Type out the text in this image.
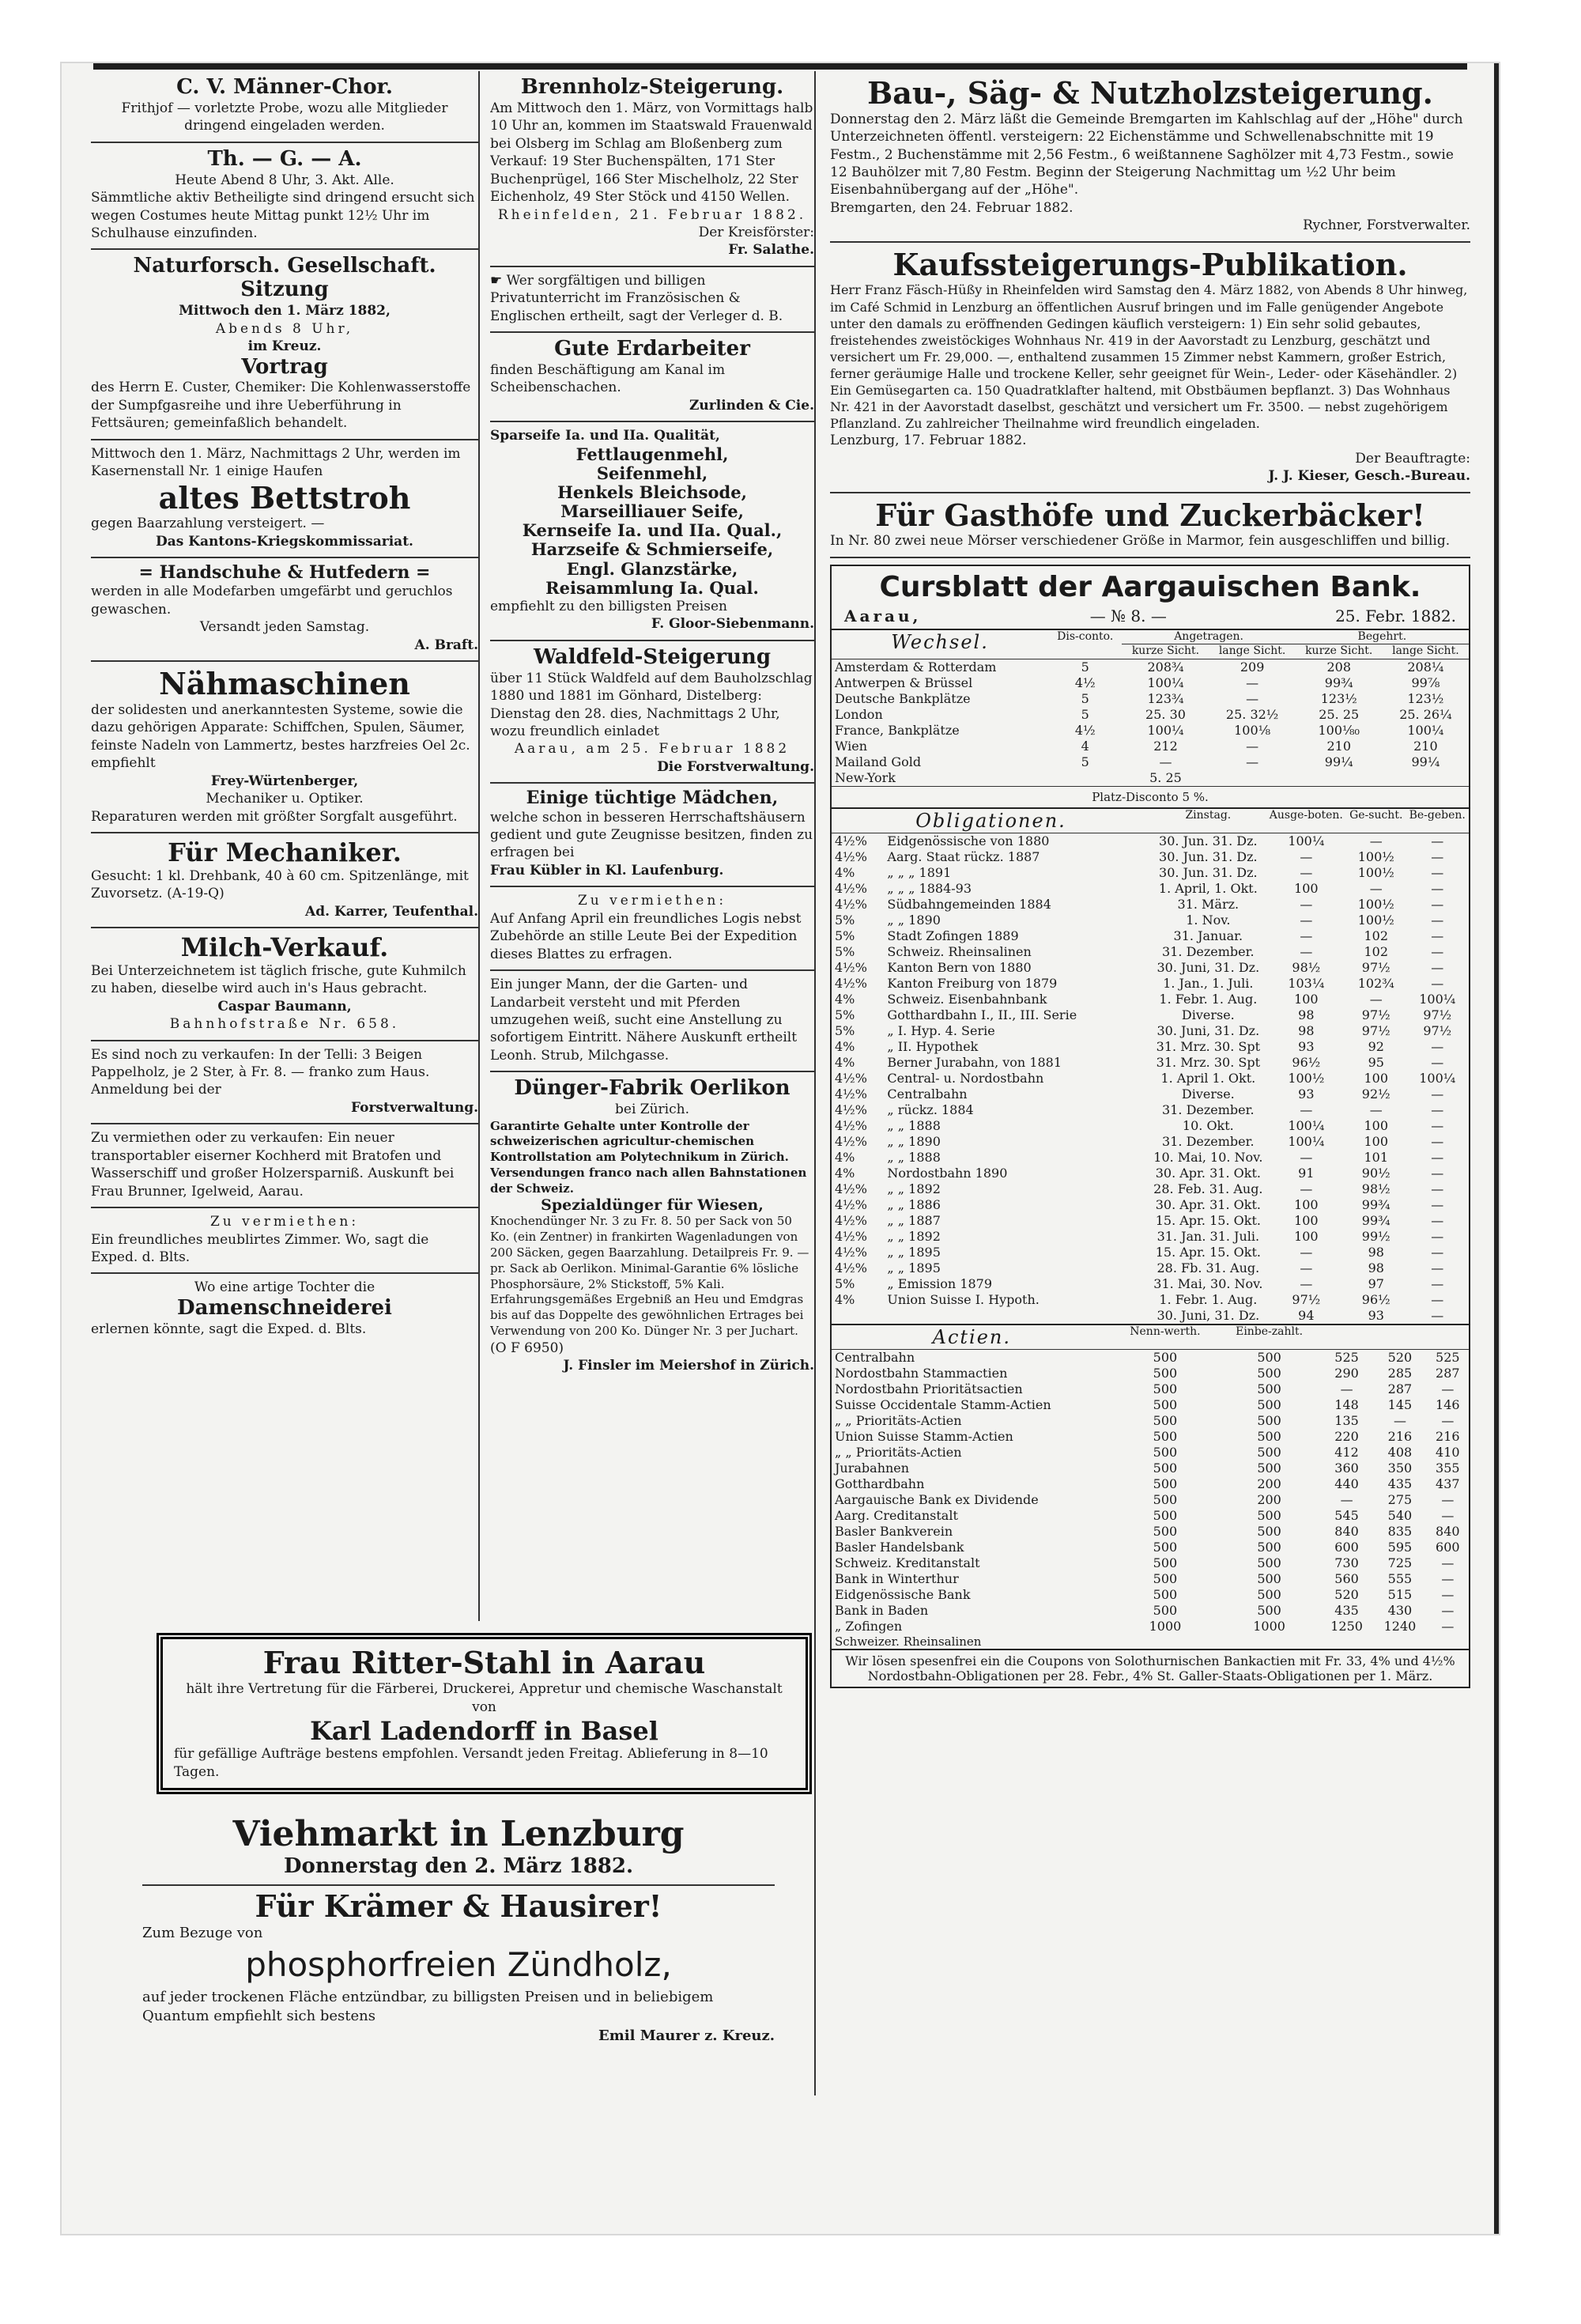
C. V. Männer-Chor.
Frithjof — vorletzte Probe, wozu alle Mitglieder dringend eingeladen werden.
Th. — G. — A.
Heute Abend 8 Uhr, 3. Akt. Alle.
Sämmtliche aktiv Betheiligte sind dringend ersucht sich wegen Costumes heute Mittag punkt 12½ Uhr im Schulhause einzufinden.
Naturforsch. Gesellschaft.
Sitzung
Mittwoch den 1. März 1882,
Abends 8 Uhr,
im Kreuz.
Vortrag
des Herrn E. Custer, Chemiker: Die Kohlenwasserstoffe der Sumpfgasreihe und ihre Ueberführung in Fettsäuren; gemeinfaßlich behandelt.
Mittwoch den 1. März, Nachmittags 2 Uhr, werden im Kasernenstall Nr. 1 einige Haufen
altes Bettstroh
gegen Baarzahlung versteigert. —
Das Kantons-Kriegskommissariat.
= Handschuhe & Hutfedern =
werden in alle Modefarben umgefärbt und geruchlos gewaschen.
Versandt jeden Samstag.
A. Braft.
Nähmaschinen
der solidesten und anerkanntesten Systeme, sowie die dazu gehörigen Apparate: Schiffchen, Spulen, Säumer, feinste Nadeln von Lammertz, bestes harzfreies Oel 2c. empfiehlt
Frey-Würtenberger,
Mechaniker u. Optiker.
Reparaturen werden mit größter Sorgfalt ausgeführt.
Für Mechaniker.
Gesucht: 1 kl. Drehbank, 40 à 60 cm. Spitzenlänge, mit Zuvorsetz. (A-19-Q)
Ad. Karrer, Teufenthal.
Milch-Verkauf.
Bei Unterzeichnetem ist täglich frische, gute Kuhmilch zu haben, dieselbe wird auch in's Haus gebracht.
Caspar Baumann,
Bahnhofstraße Nr. 658.
Es sind noch zu verkaufen: In der Telli: 3 Beigen Pappelholz, je 2 Ster, à Fr. 8. — franko zum Haus. Anmeldung bei der
Forstverwaltung.
Zu vermiethen oder zu verkaufen: Ein neuer transportabler eiserner Kochherd mit Bratofen und Wasserschiff und großer Holzersparniß. Auskunft bei Frau Brunner, Igelweid, Aarau.
Zu vermiethen:
Ein freundliches meublirtes Zimmer. Wo, sagt die Exped. d. Blts.
Wo eine artige Tochter die
Damenschneiderei
erlernen könnte, sagt die Exped. d. Blts.
Brennholz-Steigerung.
Am Mittwoch den 1. März, von Vormittags halb 10 Uhr an, kommen im Staatswald Frauenwald bei Olsberg im Schlag am Bloßenberg zum Verkauf: 19 Ster Buchenspälten, 171 Ster Buchenprügel, 166 Ster Mischelholz, 22 Ster Eichenholz, 49 Ster Stöck und 4150 Wellen.
Rheinfelden, 21. Februar 1882.
Der Kreisförster:
Fr. Salathe.
☛ Wer sorgfältigen und billigen Privatunterricht im Französischen & Englischen ertheilt, sagt der Verleger d. B.
Gute Erdarbeiter
finden Beschäftigung am Kanal im Scheibenschachen.
Zurlinden & Cie.
Sparseife Ia. und IIa. Qualität,
Fettlaugenmehl,
Seifenmehl,
Henkels Bleichsode,
Marseilliauer Seife,
Kernseife Ia. und IIa. Qual.,
Harzseife & Schmierseife,
Engl. Glanzstärke,
Reisammlung Ia. Qual.
empfiehlt zu den billigsten Preisen
F. Gloor-Siebenmann.
Waldfeld-Steigerung
über 11 Stück Waldfeld auf dem Bauholzschlag 1880 und 1881 im Gönhard, Distelberg: Dienstag den 28. dies, Nachmittags 2 Uhr, wozu freundlich einladet
Aarau, am 25. Februar 1882
Die Forstverwaltung.
Einige tüchtige Mädchen,
welche schon in besseren Herrschaftshäusern gedient und gute Zeugnisse besitzen, finden zu erfragen bei
Frau Kübler in Kl. Laufenburg.
Zu vermiethen:
Auf Anfang April ein freundliches Logis nebst Zubehörde an stille Leute Bei der Expedition dieses Blattes zu erfragen.
Ein junger Mann, der die Garten- und Landarbeit versteht und mit Pferden umzugehen weiß, sucht eine Anstellung zu sofortigem Eintritt. Nähere Auskunft ertheilt Leonh. Strub, Milchgasse.
Dünger-Fabrik Oerlikon
bei Zürich.
Garantirte Gehalte unter Kontrolle der schweizerischen agricultur-chemischen Kontrollstation am Polytechnikum in Zürich. Versendungen franco nach allen Bahnstationen der Schweiz.
Spezialdünger für Wiesen,
Knochendünger Nr. 3 zu Fr. 8. 50 per Sack von 50 Ko. (ein Zentner) in frankirten Wagenladungen von 200 Säcken, gegen Baarzahlung. Detailpreis Fr. 9. — pr. Sack ab Oerlikon. Minimal-Garantie 6% lösliche Phosphorsäure, 2% Stickstoff, 5% Kali. Erfahrungsgemäßes Ergebniß an Heu und Emdgras bis auf das Doppelte des gewöhnlichen Ertrages bei Verwendung von 200 Ko. Dünger Nr. 3 per Juchart.
(O F 6950)
J. Finsler im Meiershof in Zürich.
Frau Ritter-Stahl in Aarau
hält ihre Vertretung für die Färberei, Druckerei, Appretur und chemische Waschanstalt von
Karl Ladendorff in Basel
für gefällige Aufträge bestens empfohlen. Versandt jeden Freitag. Ablieferung in 8—10 Tagen.
Viehmarkt in Lenzburg
Donnerstag den 2. März 1882.
Für Krämer & Hausirer!
Zum Bezuge von
phosphorfreien Zündholz,
auf jeder trockenen Fläche entzündbar, zu billigsten Preisen und in beliebigem Quantum empfiehlt sich bestens
Emil Maurer z. Kreuz.
Bau-, Säg- & Nutzholzsteigerung.
Donnerstag den 2. März läßt die Gemeinde Bremgarten im Kahlschlag auf der „Höhe" durch Unterzeichneten öffentl. versteigern: 22 Eichenstämme und Schwellenabschnitte mit 19 Festm., 2 Buchenstämme mit 2,56 Festm., 6 weißtannene Saghölzer mit 4,73 Festm., sowie 12 Bauhölzer mit 7,80 Festm. Beginn der Steigerung Nachmittag um ½2 Uhr beim Eisenbahnübergang auf der „Höhe".
Bremgarten, den 24. Februar 1882.
Rychner, Forstverwalter.
Kaufssteigerungs-Publikation.
Herr Franz Fäsch-Hüßy in Rheinfelden wird Samstag den 4. März 1882, von Abends 8 Uhr hinweg, im Café Schmid in Lenzburg an öffentlichen Ausruf bringen und im Falle genügender Angebote unter den damals zu eröffnenden Gedingen käuflich versteigern: 1) Ein sehr solid gebautes, freistehendes zweistöckiges Wohnhaus Nr. 419 in der Aavorstadt zu Lenzburg, geschätzt und versichert um Fr. 29,000. —, enthaltend zusammen 15 Zimmer nebst Kammern, großer Estrich, ferner geräumige Halle und trockene Keller, sehr geeignet für Wein-, Leder- oder Käsehändler. 2) Ein Gemüsegarten ca. 150 Quadratklafter haltend, mit Obstbäumen bepflanzt. 3) Das Wohnhaus Nr. 421 in der Aavorstadt daselbst, geschätzt und versichert um Fr. 3500. — nebst zugehörigem Pflanzland. Zu zahlreicher Theilnahme wird freundlich eingeladen.
Lenzburg, 17. Februar 1882.
Der Beauftragte:
J. J. Kieser, Gesch.-Bureau.
Für Gasthöfe und Zuckerbäcker!
In Nr. 80 zwei neue Mörser verschiedener Größe in Marmor, fein ausgeschliffen und billig.
Cursblatt der Aargauischen Bank.
Aarau,	— № 8. —	25. Febr. 1882.
Wechsel.	Dis-conto.	Angetragen.		Begehrt.	
		kurze Sicht.	lange Sicht.	kurze Sicht.	lange Sicht.
Amsterdam & Rotterdam	5	208¾	209	208	208¼
Antwerpen & Brüssel	4½	100¼	—	99¾	99⅞
Deutsche Bankplätze	5	123¾	—	123½	123½
London	5	25. 30	25. 32½	25. 25	25. 26¼
France, Bankplätze	4½	100¼	100⅛	100⅛₀	100¼
Wien	4	212	—	210	210
Mailand Gold	5	—	—	99¼	99¼
New-York		5. 25			
Platz-Disconto 5 %.
Obligationen.		Zinstag.	Ausge-boten.	Ge-sucht.	Be-geben.
4½%	Eidgenössische von 1880	30. Jun. 31. Dz.	100¼	—	—
4½%	Aarg. Staat rückz. 1887	30. Jun. 31. Dz.	—	100½	—
4%	„ „ „ 1891	30. Jun. 31. Dz.	—	100½	—
4½%	„ „ „ 1884-93	1. April, 1. Okt.	100	—	—
4½%	Südbahngemeinden 1884	31. März.	—	100½	—
5%	„ „ 1890	1. Nov.	—	100½	—
5%	Stadt Zofingen 1889	31. Januar.	—	102	—
5%	Schweiz. Rheinsalinen	31. Dezember.	—	102	—
4½%	Kanton Bern von 1880	30. Juni, 31. Dz.	98½	97½	—
4½%	Kanton Freiburg von 1879	1. Jan., 1. Juli.	103¼	102¾	—
4%	Schweiz. Eisenbahnbank	1. Febr. 1. Aug.	100	—	100¼
5%	Gotthardbahn I., II., III. Serie	Diverse.	98	97½	97½
5%	„ I. Hyp. 4. Serie	30. Juni, 31. Dz.	98	97½	97½
4%	„ II. Hypothek	31. Mrz. 30. Spt	93	92	—
4%	Berner Jurabahn, von 1881	31. Mrz. 30. Spt	96½	95	—
4½%	Central- u. Nordostbahn	1. April 1. Okt.	100½	100	100¼
4½%	Centralbahn	Diverse.	93	92½	—
4½%	„ rückz. 1884	31. Dezember.	—	—	—
4½%	„ „ 1888	10. Okt.	100¼	100	—
4½%	„ „ 1890	31. Dezember.	100¼	100	—
4%	„ „ 1888	10. Mai, 10. Nov.	—	101	—
4%	Nordostbahn 1890	30. Apr. 31. Okt.	91	90½	—
4½%	„ „ 1892	28. Feb. 31. Aug.	—	98½	—
4½%	„ „ 1886	30. Apr. 31. Okt.	100	99¾	—
4½%	„ „ 1887	15. Apr. 15. Okt.	100	99¾	—
4½%	„ „ 1892	31. Jan. 31. Juli.	100	99½	—
4½%	„ „ 1895	15. Apr. 15. Okt.	—	98	—
4½%	„ „ 1895	28. Fb. 31. Aug.	—	98	—
5%	„ Emission 1879	31. Mai, 30. Nov.	—	97	—
4%	Union Suisse I. Hypoth.	1. Febr. 1. Aug.	97½	96½	—
		30. Juni, 31. Dz.	94	93	—
Actien.	Nenn-werth.	Einbe-zahlt.			
Centralbahn	500	500	525	520	525
Nordostbahn Stammactien	500	500	290	285	287
Nordostbahn Prioritätsactien	500	500	—	287	—
Suisse Occidentale Stamm-Actien	500	500	148	145	146
„ „ Prioritäts-Actien	500	500	135	—	—
Union Suisse Stamm-Actien	500	500	220	216	216
„ „ Prioritäts-Actien	500	500	412	408	410
Jurabahnen	500	500	360	350	355
Gotthardbahn	500	200	440	435	437
Aargauische Bank ex Dividende	500	200	—	275	—
Aarg. Creditanstalt	500	500	545	540	—
Basler Bankverein	500	500	840	835	840
Basler Handelsbank	500	500	600	595	600
Schweiz. Kreditanstalt	500	500	730	725	—
Bank in Winterthur	500	500	560	555	—
Eidgenössische Bank	500	500	520	515	—
Bank in Baden	500	500	435	430	—
„ Zofingen	1000	1000	1250	1240	—
Schweizer. Rheinsalinen
Wir lösen spesenfrei ein die Coupons von Solothurnischen Bankactien mit Fr. 33, 4% und 4½% Nordostbahn-Obligationen per 28. Febr., 4% St. Galler-Staats-Obligationen per 1. März.
